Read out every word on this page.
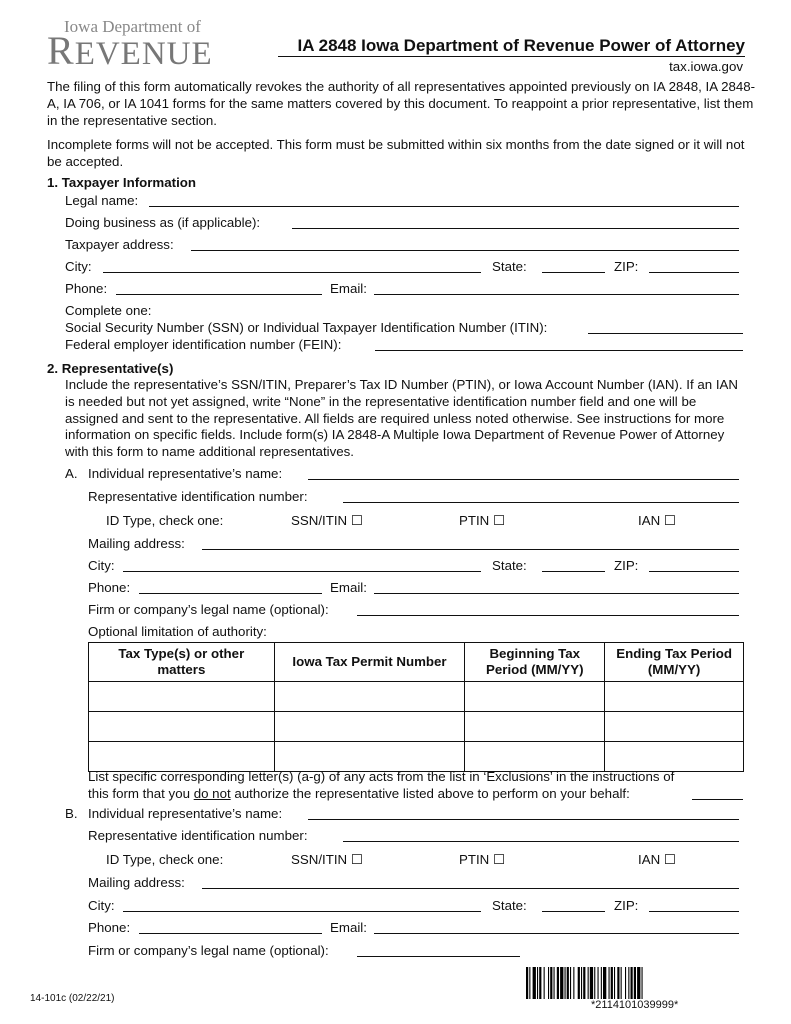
Iowa Department of
REVENUE	IA 2848 Iowa Department of Revenue Power of Attorney
tax.iowa.gov
The filing of this form automatically revokes the authority of all representatives appointed previously on IA 2848, IA 2848-A, IA 706, or IA 1041 forms for the same matters covered by this document. To reappoint a prior representative, list them in the representative section.
Incomplete forms will not be accepted. This form must be submitted within six months from the date signed or it will not be accepted.
1. Taxpayer Information
Legal name:
Doing business as (if applicable):
Taxpayer address:
City:	State:	ZIP:
Phone:	Email:
Complete one:
Social Security Number (SSN) or Individual Taxpayer Identification Number (ITIN):
Federal employer identification number (FEIN):
2. Representative(s)
Include the representative’s SSN/ITIN, Preparer’s Tax ID Number (PTIN), or Iowa Account Number (IAN). If an IAN is needed but not yet assigned, write “None” in the representative identification number field and one will be assigned and sent to the representative. All fields are required unless noted otherwise. See instructions for more information on specific fields. Include form(s) IA 2848-A Multiple Iowa Department of Revenue Power of Attorney with this form to name additional representatives.
A. Individual representative’s name:
Representative identification number:
ID Type, check one:	SSN/ITIN ☐	PTIN ☐	IAN ☐
Mailing address:
City:	State:	ZIP:
Phone:	Email:
Firm or company’s legal name (optional):
Optional limitation of authority:
Tax Type(s) or other matters	Iowa Tax Permit Number	Beginning Tax Period (MM/YY)	Ending Tax Period (MM/YY)

List specific corresponding letter(s) (a-g) of any acts from the list in ‘Exclusions’ in the instructions of
this form that you do not authorize the representative listed above to perform on your behalf:
B. Individual representative’s name:
Representative identification number:
ID Type, check one:	SSN/ITIN ☐	PTIN ☐	IAN ☐
Mailing address:
City:	State:	ZIP:
Phone:	Email:
Firm or company’s legal name (optional):
14-101c (02/22/21)
*2114101039999*
